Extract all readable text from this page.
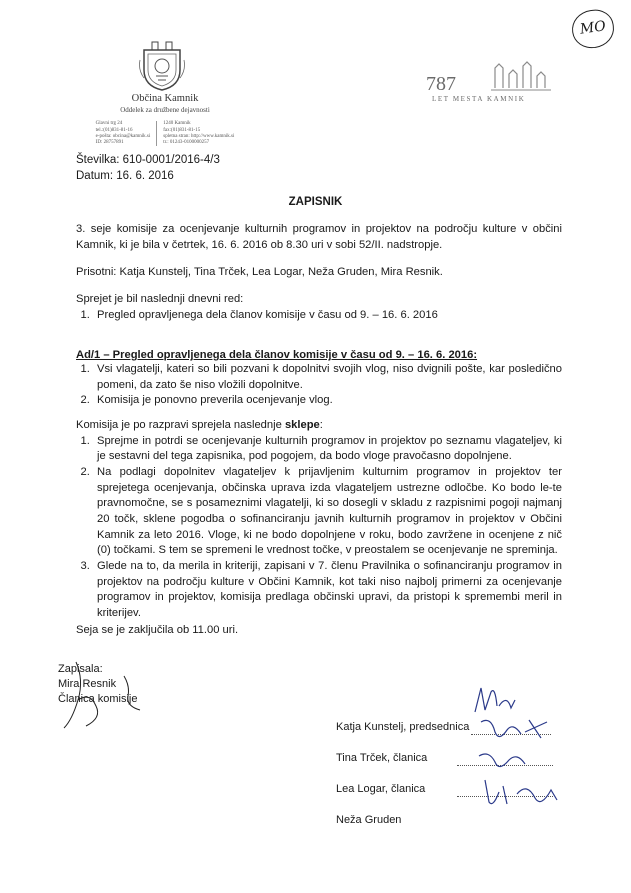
MO
Občina Kamnik
Oddelek za družbene dejavnosti
Glavni trg 24
tel.:(01)831-81-16
e-pošta: obcina@kamnik.si
ID: 28757891
1240 Kamnik
fax:(01)831-81-15
spletna stran: http://www.kamnik.si
tr.: 01243-0100000257
787
LET MESTA KAMNIK
Številka: 610-0001/2016-4/3
Datum: 16. 6. 2016
ZAPISNIK
3. seje komisije za ocenjevanje kulturnih programov in projektov na področju kulture v občini Kamnik, ki je bila v četrtek, 16. 6. 2016 ob 8.30 uri v sobi 52/II. nadstropje.
Prisotni: Katja Kunstelj, Tina Trček, Lea Logar, Neža Gruden, Mira Resnik.
Sprejet je bil naslednji dnevni red:
1. Pregled opravljenega dela članov komisije v času od 9. – 16. 6. 2016
Ad/1 – Pregled opravljenega dela članov komisije v času od 9. – 16. 6. 2016:
1. Vsi vlagatelji, kateri so bili pozvani k dopolnitvi svojih vlog, niso dvignili pošte, kar posledično pomeni, da zato še niso vložili dopolnitve.
2. Komisija je ponovno preverila ocenjevanje vlog.
Komisija je po razpravi sprejela naslednje sklepe:
1. Sprejme in potrdi se ocenjevanje kulturnih programov in projektov po seznamu vlagateljev, ki je sestavni del tega zapisnika, pod pogojem, da bodo vloge pravočasno dopolnjene.
2. Na podlagi dopolnitev vlagateljev k prijavljenim kulturnim programov in projektov ter sprejetega ocenjevanja, občinska uprava izda vlagateljem ustrezne odločbe. Ko bodo le-te pravnomočne, se s posameznimi vlagatelji, ki so dosegli v skladu z razpisnimi pogoji najmanj 20 točk, sklene pogodba o sofinanciranju javnih kulturnih programov in projektov v Občini Kamnik za leto 2016. Vloge, ki ne bodo dopolnjene v roku, bodo zavržene in ocenjene z nič (0) točkami. S tem se spremeni le vrednost točke, v preostalem se ocenjevanje ne spreminja.
3. Glede na to, da merila in kriteriji, zapisani v 7. členu Pravilnika o sofinanciranju programov in projektov na področju kulture v Občini Kamnik, kot taki niso najbolj primerni za ocenjevanje programov in projektov, komisija predlaga občinski upravi, da pristopi k spremembi meril in kriterijev.
Seja se je zaključila ob 11.00 uri.
Zapisala:
Mira Resnik
Članica komisije
Katja Kunstelj, predsednica
Tina Trček, članica
Lea Logar, članica
Neža Gruden
